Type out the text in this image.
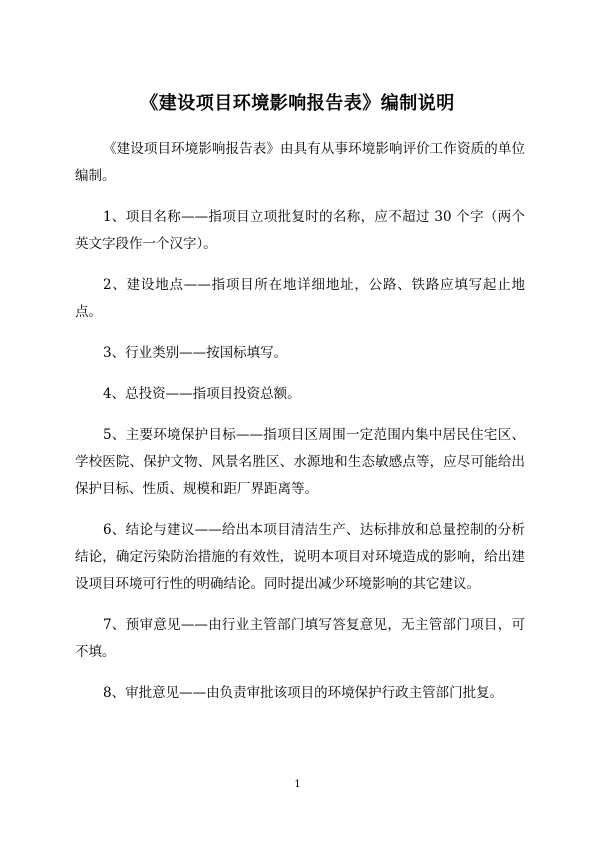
《建设项目环境影响报告表》编制说明

《建设项目环境影响报告表》由具有从事环境影响评价工作资质的单位编制。

1、项目名称——指项目立项批复时的名称，应不超过 30 个字（两个英文字段作一个汉字）。

2、建设地点——指项目所在地详细地址，公路、铁路应填写起止地点。

3、行业类别——按国标填写。

4、总投资——指项目投资总额。

5、主要环境保护目标——指项目区周围一定范围内集中居民住宅区、学校医院、保护文物、风景名胜区、水源地和生态敏感点等，应尽可能给出保护目标、性质、规模和距厂界距离等。

6、结论与建议——给出本项目清洁生产、达标排放和总量控制的分析结论，确定污染防治措施的有效性，说明本项目对环境造成的影响，给出建设项目环境可行性的明确结论。同时提出减少环境影响的其它建议。

7、预审意见——由行业主管部门填写答复意见，无主管部门项目，可不填。

8、审批意见——由负责审批该项目的环境保护行政主管部门批复。

1
